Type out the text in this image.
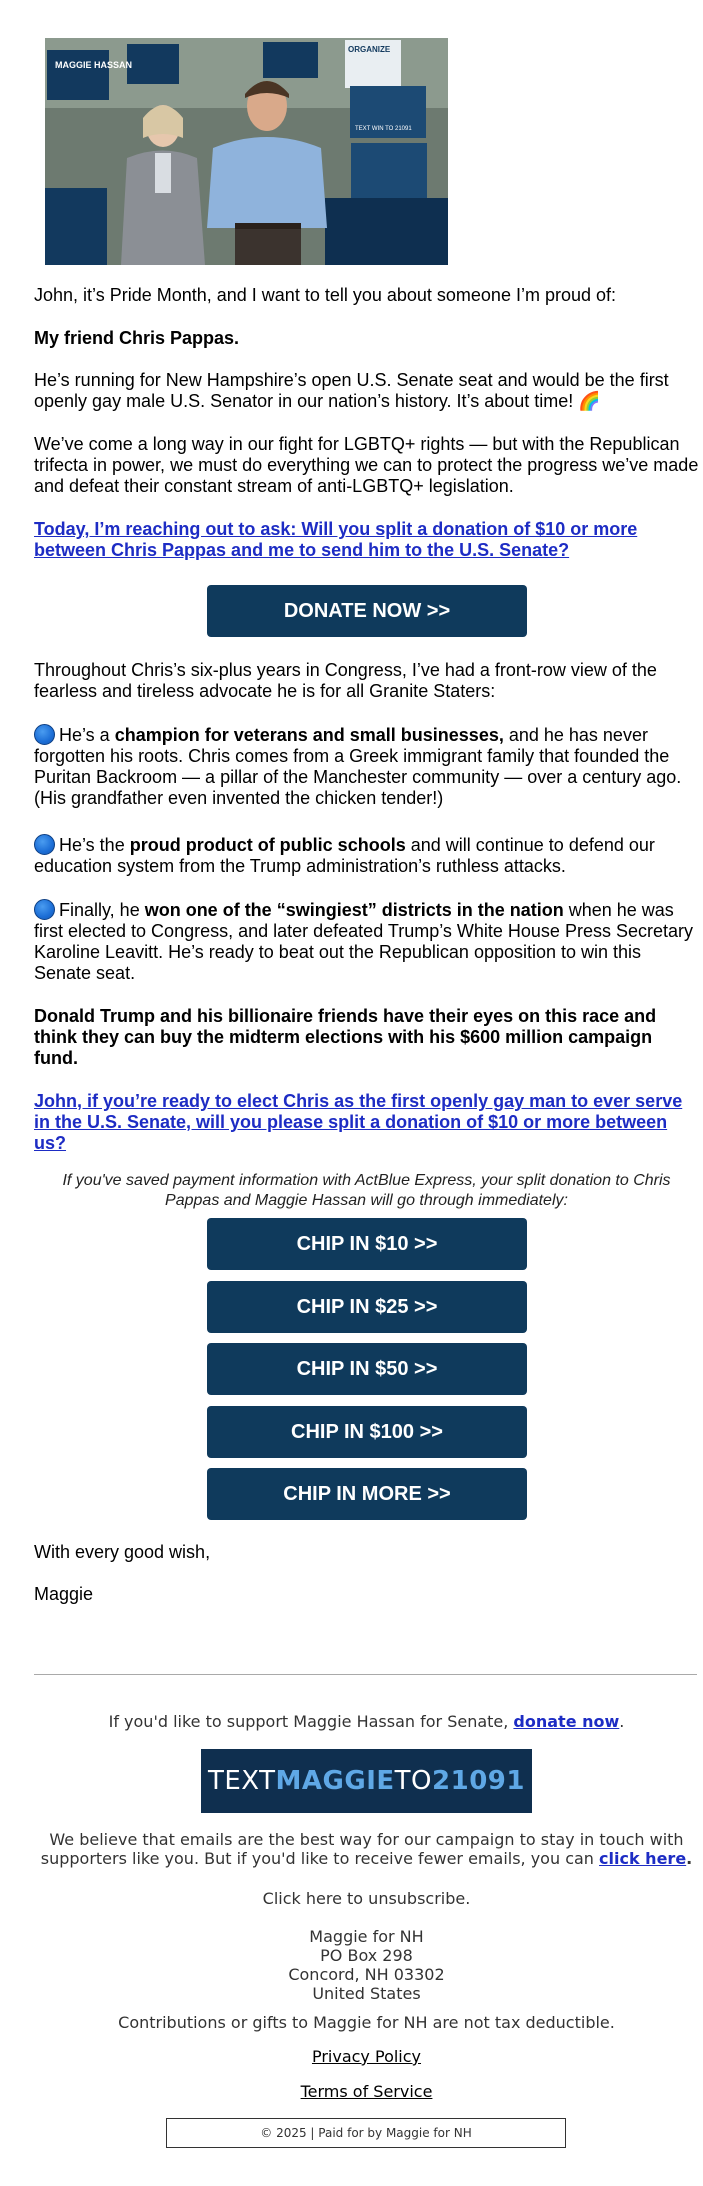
MAGGIE HASSAN
ORGANIZE
TEXT WIN TO 21091

John, it’s Pride Month, and I want to tell you about someone I’m proud of:

My friend Chris Pappas.

He’s running for New Hampshire’s open U.S. Senate seat and would be the first openly gay male U.S. Senator in our nation’s history. It’s about time! 🌈

We’ve come a long way in our fight for LGBTQ+ rights — but with the Republican trifecta in power, we must do everything we can to protect the progress we’ve made and defeat their constant stream of anti-LGBTQ+ legislation.

Today, I’m reaching out to ask: Will you split a donation of $10 or more between Chris Pappas and me to send him to the U.S. Senate?

DONATE NOW >>

Throughout Chris’s six-plus years in Congress, I’ve had a front-row view of the fearless and tireless advocate he is for all Granite Staters:

He’s a champion for veterans and small businesses, and he has never forgotten his roots. Chris comes from a Greek immigrant family that founded the Puritan Backroom — a pillar of the Manchester community — over a century ago. (His grandfather even invented the chicken tender!)

He’s the proud product of public schools and will continue to defend our education system from the Trump administration’s ruthless attacks.

Finally, he won one of the “swingiest” districts in the nation when he was first elected to Congress, and later defeated Trump’s White House Press Secretary Karoline Leavitt. He’s ready to beat out the Republican opposition to win this Senate seat.

Donald Trump and his billionaire friends have their eyes on this race and think they can buy the midterm elections with his $600 million campaign fund.

John, if you’re ready to elect Chris as the first openly gay man to ever serve in the U.S. Senate, will you please split a donation of $10 or more between us?

If you've saved payment information with ActBlue Express, your split donation to Chris Pappas and Maggie Hassan will go through immediately:
CHIP IN $10 >>
CHIP IN $25 >>
CHIP IN $50 >>
CHIP IN $100 >>
CHIP IN MORE >>

With every good wish,

Maggie

If you'd like to support Maggie Hassan for Senate, donate now.
TEXT MAGGIE TO 21091
We believe that emails are the best way for our campaign to stay in touch with supporters like you. But if you'd like to receive fewer emails, you can click here.
Click here to unsubscribe.
Maggie for NH
PO Box 298
Concord, NH 03302
United States
Contributions or gifts to Maggie for NH are not tax deductible.
Privacy Policy
Terms of Service
© 2025 | Paid for by Maggie for NH
